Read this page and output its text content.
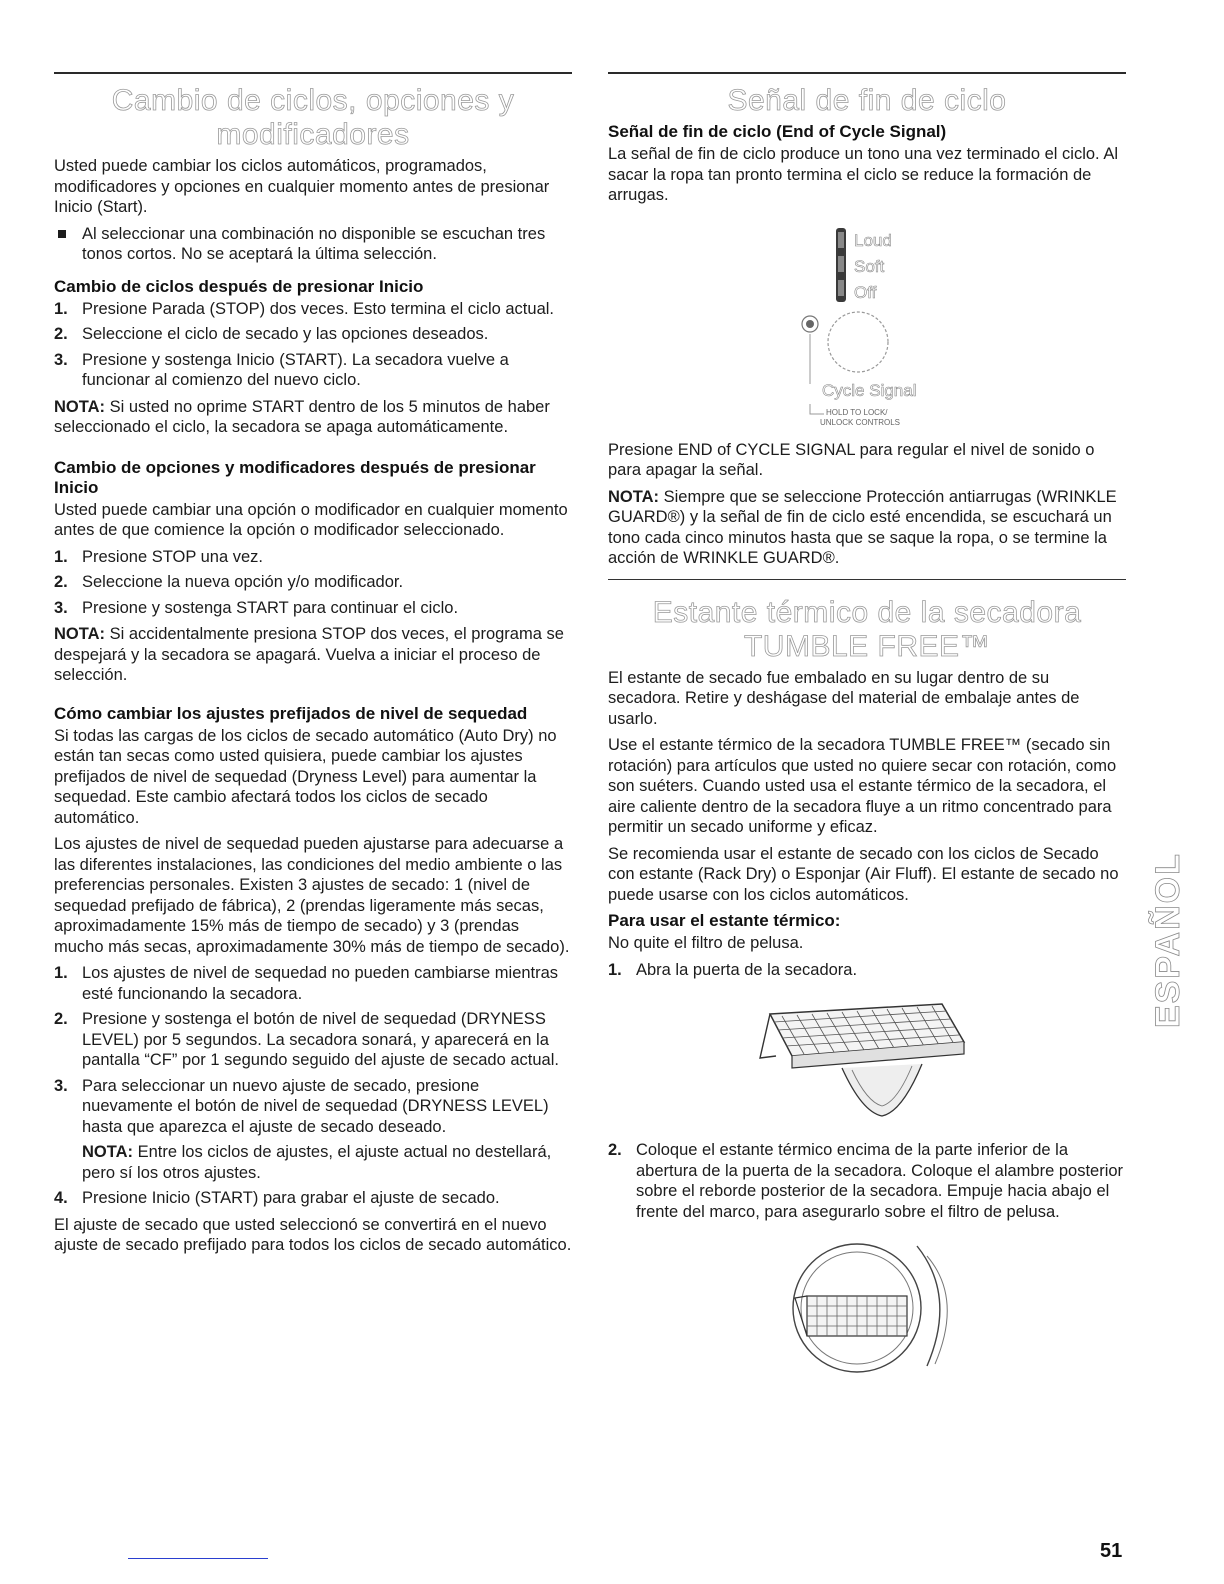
Cambio de ciclos, opciones y
modificadores

Usted puede cambiar los ciclos automáticos, programados, modificadores y opciones en cualquier momento antes de presionar Inicio (Start).

Al seleccionar una combinación no disponible se escuchan tres tonos cortos. No se aceptará la última selección.
Cambio de ciclos después de presionar Inicio
1. Presione Parada (STOP) dos veces. Esto termina el ciclo actual.
2. Seleccione el ciclo de secado y las opciones deseados.
3. Presione y sostenga Inicio (START). La secadora vuelve a funcionar al comienzo del nuevo ciclo.

NOTA: Si usted no oprime START dentro de los 5 minutos de haber seleccionado el ciclo, la secadora se apaga automáticamente.

Cambio de opciones y modificadores después de presionar Inicio

Usted puede cambiar una opción o modificador en cualquier momento antes de que comience la opción o modificador seleccionado.

1. Presione STOP una vez.
2. Seleccione la nueva opción y/o modificador.
3. Presione y sostenga START para continuar el ciclo.

NOTA: Si accidentalmente presiona STOP dos veces, el programa se despejará y la secadora se apagará. Vuelva a iniciar el proceso de selección.

Cómo cambiar los ajustes prefijados de nivel de sequedad

Si todas las cargas de los ciclos de secado automático (Auto Dry) no están tan secas como usted quisiera, puede cambiar los ajustes prefijados de nivel de sequedad (Dryness Level) para aumentar la sequedad. Este cambio afectará todos los ciclos de secado automático.

Los ajustes de nivel de sequedad pueden ajustarse para adecuarse a las diferentes instalaciones, las condiciones del medio ambiente o las preferencias personales. Existen 3 ajustes de secado: 1 (nivel de sequedad prefijado de fábrica), 2 (prendas ligeramente más secas, aproximadamente 15% más de tiempo de secado) y 3 (prendas mucho más secas, aproximadamente 30% más de tiempo de secado).

1. Los ajustes de nivel de sequedad no pueden cambiarse mientras esté funcionando la secadora.
2. Presione y sostenga el botón de nivel de sequedad (DRYNESS LEVEL) por 5 segundos. La secadora sonará, y aparecerá en la pantalla “CF” por 1 segundo seguido del ajuste de secado actual.
3. Para seleccionar un nuevo ajuste de secado, presione nuevamente el botón de nivel de sequedad (DRYNESS LEVEL) hasta que aparezca el ajuste de secado deseado.
NOTA: Entre los ciclos de ajustes, el ajuste actual no destellará, pero sí los otros ajustes.
4. Presione Inicio (START) para grabar el ajuste de secado.

El ajuste de secado que usted seleccionó se convertirá en el nuevo ajuste de secado prefijado para todos los ciclos de secado automático.

Señal de fin de ciclo
Señal de fin de ciclo (End of Cycle Signal)

La señal de fin de ciclo produce un tono una vez terminado el ciclo. Al sacar la ropa tan pronto termina el ciclo se reduce la formación de arrugas.

Loud
Soft
Off
Cycle Signal
HOLD TO LOCK/
UNLOCK CONTROLS

Presione END of CYCLE SIGNAL para regular el nivel de sonido o para apagar la señal.

NOTA: Siempre que se seleccione Protección antiarrugas (WRINKLE GUARD®) y la señal de fin de ciclo esté encendida, se escuchará un tono cada cinco minutos hasta que se saque la ropa, o se termine la acción de WRINKLE GUARD®.

Estante térmico de la secadora
TUMBLE FREE™

El estante de secado fue embalado en su lugar dentro de su secadora. Retire y deshágase del material de embalaje antes de usarlo.

Use el estante térmico de la secadora TUMBLE FREE™ (secado sin rotación) para artículos que usted no quiere secar con rotación, como son suéters. Cuando usted usa el estante térmico de la secadora, el aire caliente dentro de la secadora fluye a un ritmo concentrado para permitir un secado uniforme y eficaz.

Se recomienda usar el estante de secado con los ciclos de Secado con estante (Rack Dry) o Esponjar (Air Fluff). El estante de secado no puede usarse con los ciclos automáticos.

Para usar el estante térmico:

No quite el filtro de pelusa.

1. Abra la puerta de la secadora.
2. Coloque el estante térmico encima de la parte inferior de la abertura de la puerta de la secadora. Coloque el alambre posterior sobre el reborde posterior de la secadora. Empuje hacia abajo el frente del marco, para asegurarlo sobre el filtro de pelusa.
ESPAÑOL
51
